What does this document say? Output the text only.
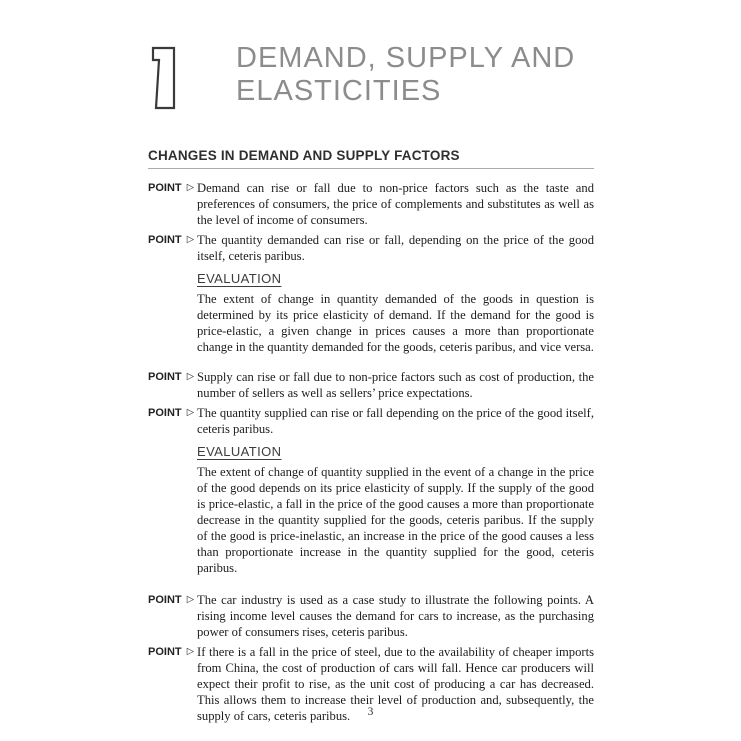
DEMAND, SUPPLY AND
ELASTICITIES
CHANGES IN DEMAND AND SUPPLY FACTORS
POINT ▷ Demand can rise or fall due to non-price factors such as the taste and preferences of consumers, the price of complements and substitutes as well as the level of income of consumers.

POINT ▷ The quantity demanded can rise or fall, depending on the price of the good itself, ceteris paribus.

EVALUATION

The extent of change in quantity demanded of the goods in question is determined by its price elasticity of demand. If the demand for the good is price-elastic, a given change in prices causes a more than proportionate change in the quantity demanded for the goods, ceteris paribus, and vice versa.

POINT ▷ Supply can rise or fall due to non-price factors such as cost of production, the number of sellers as well as sellers’ price expectations.

POINT ▷ The quantity supplied can rise or fall depending on the price of the good itself, ceteris paribus.

EVALUATION

The extent of change of quantity supplied in the event of a change in the price of the good depends on its price elasticity of supply. If the supply of the good is price-elastic, a fall in the price of the good causes a more than proportionate decrease in the quantity supplied for the goods, ceteris paribus. If the supply of the good is price-inelastic, an increase in the price of the good causes a less than proportionate increase in the quantity supplied for the good, ceteris paribus.

POINT ▷ The car industry is used as a case study to illustrate the following points. A rising income level causes the demand for cars to increase, as the purchasing power of consumers rises, ceteris paribus.

POINT ▷ If there is a fall in the price of steel, due to the availability of cheaper imports from China, the cost of production of cars will fall. Hence car producers will expect their profit to rise, as the unit cost of producing a car has decreased. This allows them to increase their level of production and, subsequently, the supply of cars, ceteris paribus.	3
